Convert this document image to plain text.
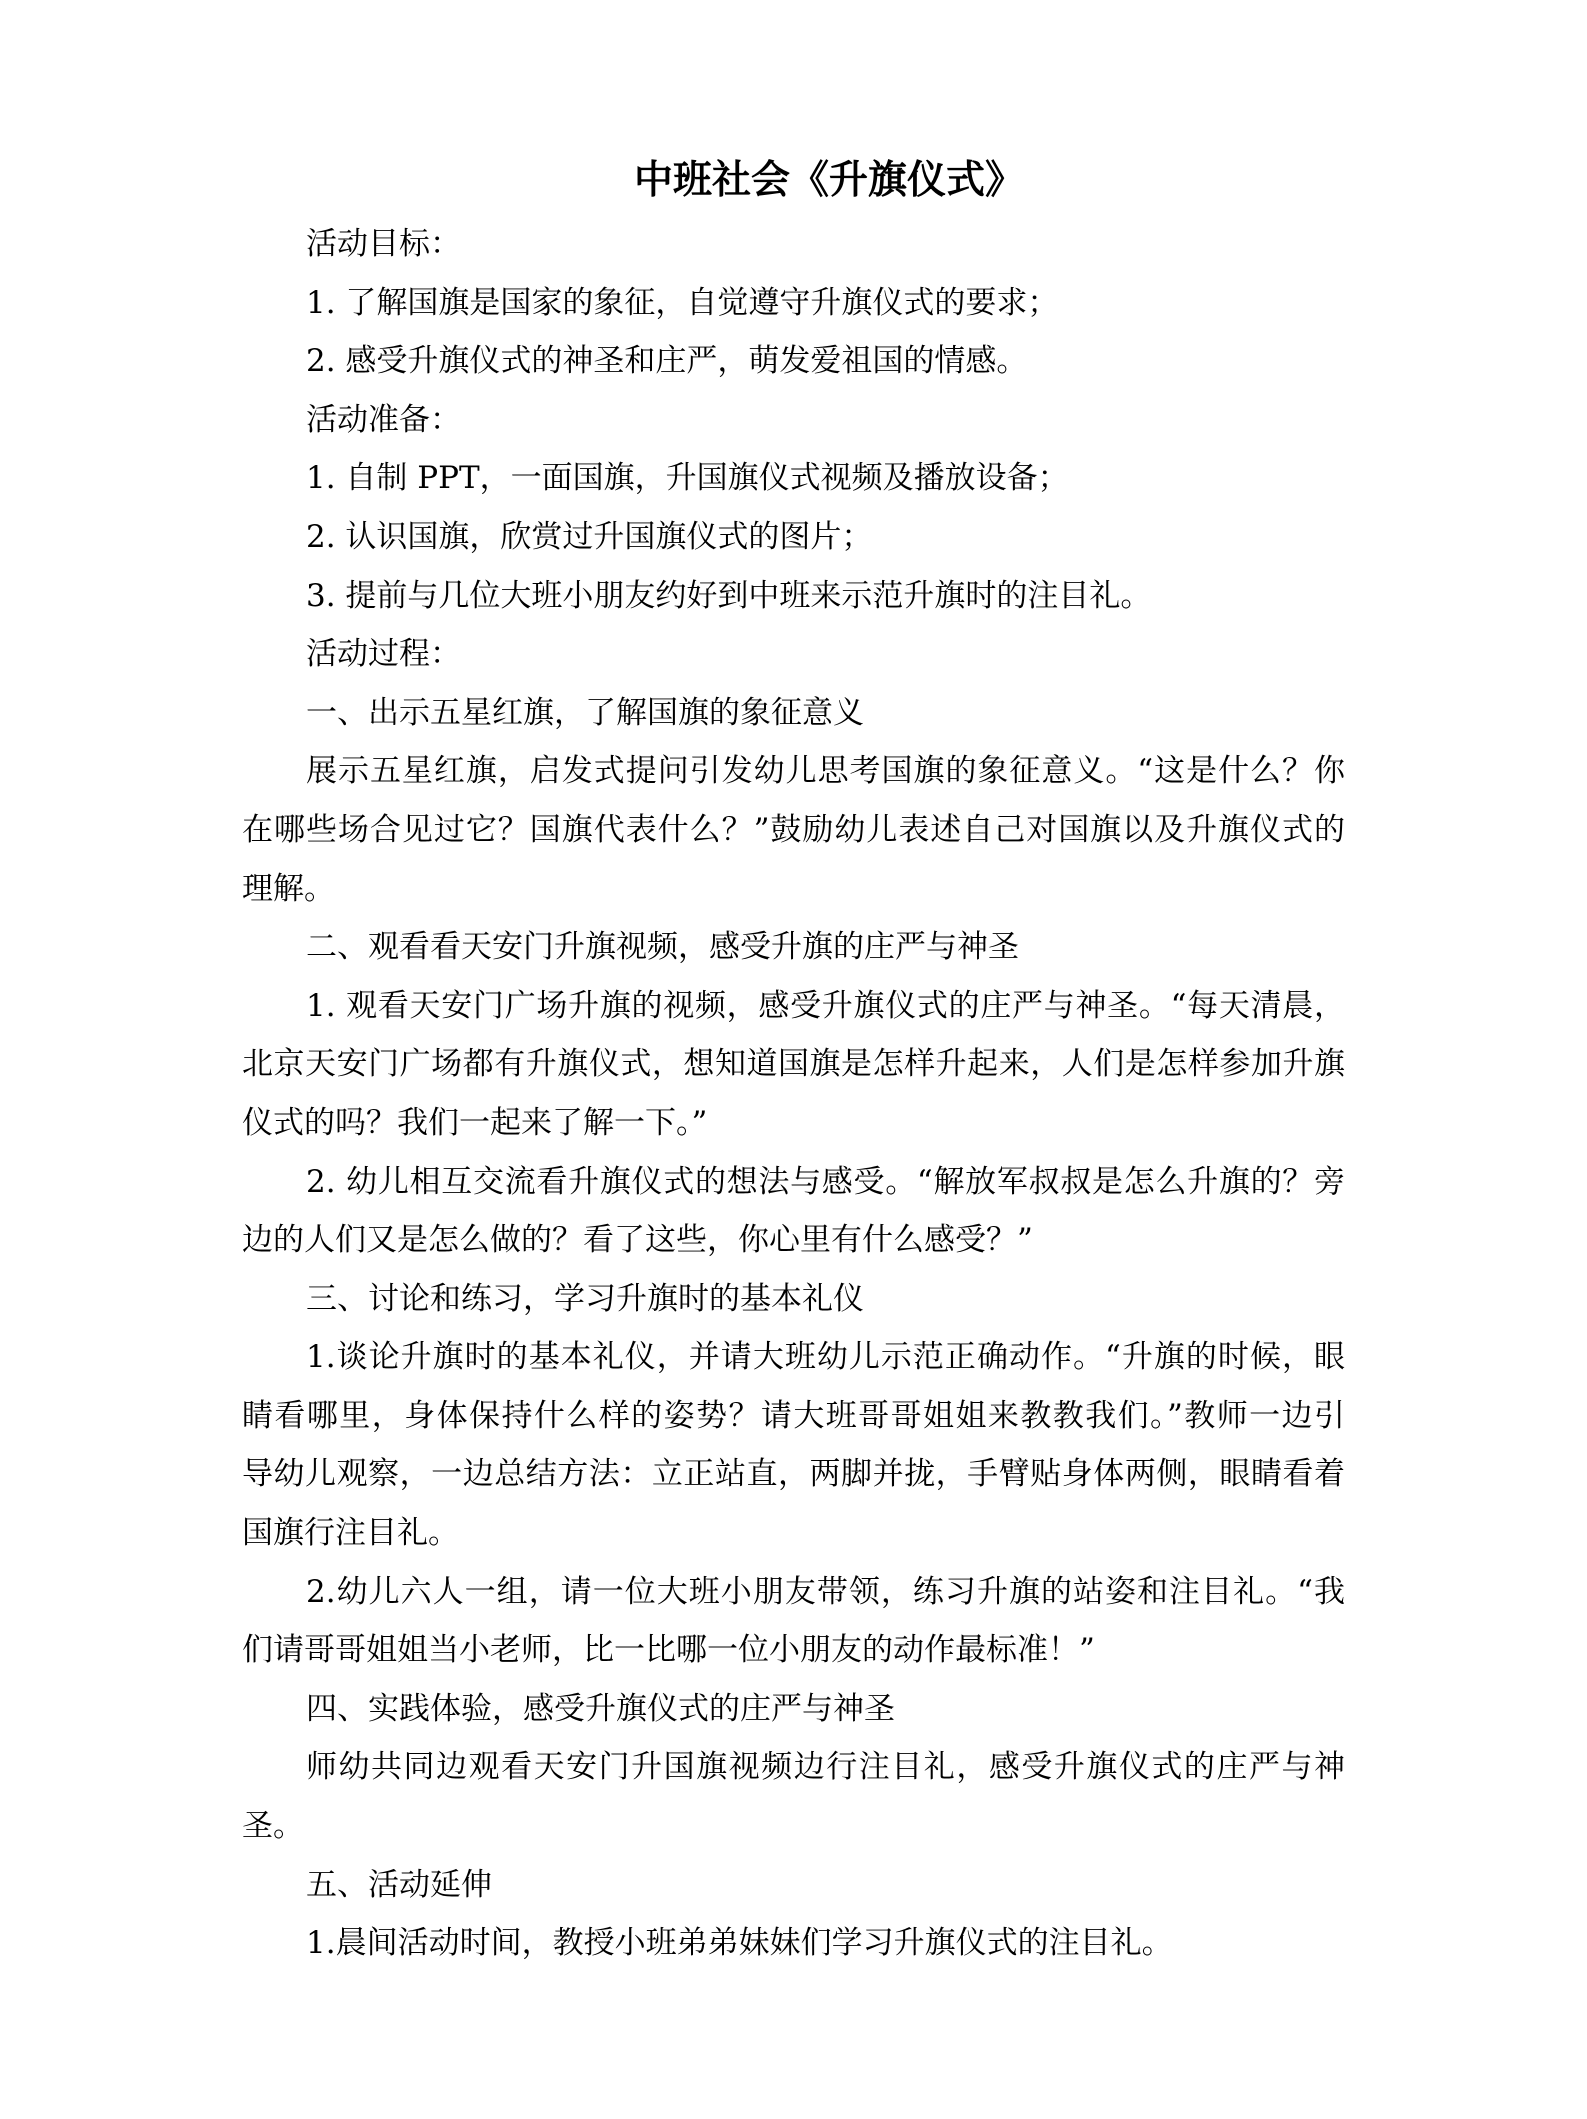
中班社会《升旗仪式》
活动目标：
1. 了解国旗是国家的象征，自觉遵守升旗仪式的要求；
2. 感受升旗仪式的神圣和庄严，萌发爱祖国的情感。
活动准备：
1. 自制 PPT，一面国旗，升国旗仪式视频及播放设备；
2. 认识国旗，欣赏过升国旗仪式的图片；
3. 提前与几位大班小朋友约好到中班来示范升旗时的注目礼。
活动过程：
一、出示五星红旗，了解国旗的象征意义
展示五星红旗，启发式提问引发幼儿思考国旗的象征意义。“这是什么？你
在哪些场合见过它？国旗代表什么？”鼓励幼儿表述自己对国旗以及升旗仪式的
理解。
二、观看看天安门升旗视频，感受升旗的庄严与神圣
1. 观看天安门广场升旗的视频，感受升旗仪式的庄严与神圣。“每天清晨，
北京天安门广场都有升旗仪式，想知道国旗是怎样升起来，人们是怎样参加升旗
仪式的吗？我们一起来了解一下。”
2. 幼儿相互交流看升旗仪式的想法与感受。“解放军叔叔是怎么升旗的？旁
边的人们又是怎么做的？看了这些，你心里有什么感受？”
三、讨论和练习，学习升旗时的基本礼仪
1.谈论升旗时的基本礼仪，并请大班幼儿示范正确动作。“升旗的时候，眼
睛看哪里，身体保持什么样的姿势？请大班哥哥姐姐来教教我们。”教师一边引
导幼儿观察，一边总结方法：立正站直，两脚并拢，手臂贴身体两侧，眼睛看着
国旗行注目礼。
2.幼儿六人一组，请一位大班小朋友带领，练习升旗的站姿和注目礼。“我
们请哥哥姐姐当小老师，比一比哪一位小朋友的动作最标准！”
四、实践体验，感受升旗仪式的庄严与神圣
师幼共同边观看天安门升国旗视频边行注目礼，感受升旗仪式的庄严与神
圣。
五、活动延伸
1.晨间活动时间，教授小班弟弟妹妹们学习升旗仪式的注目礼。
